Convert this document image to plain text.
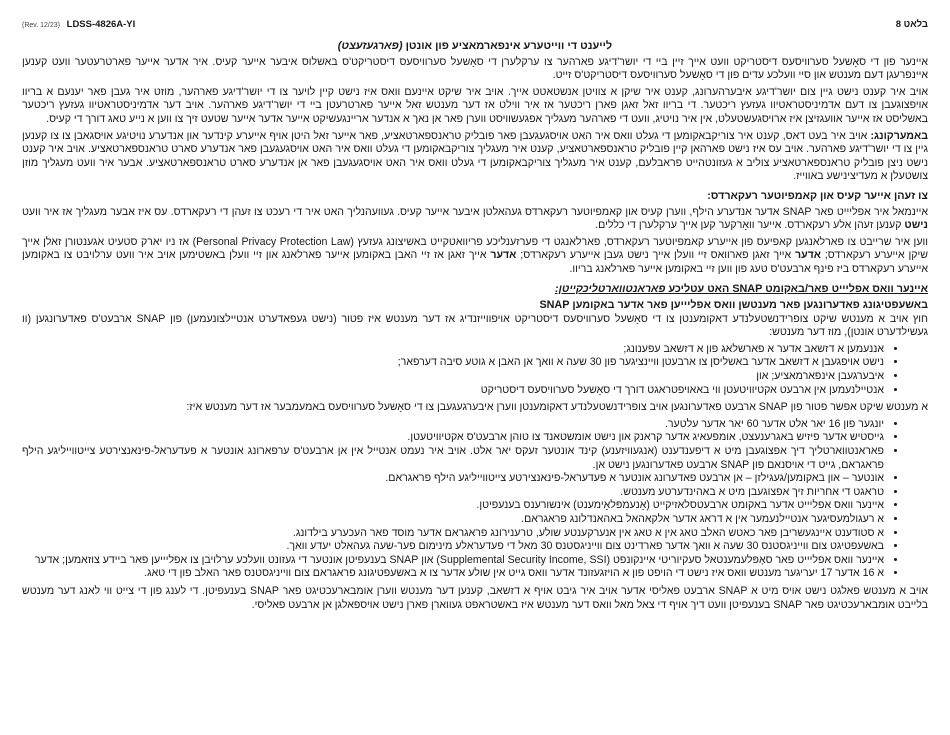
(Rev. 12/23) LDSS-4826A-YI	בלאט 8
לייענט די ווייטערע אינפארמאציע פון אונטן (פארגעזעצט)

איינער פון די סאָשעל סערוויסעס דיסטריקט וועט אייך זיין ביי די יושר'דיגע פארהער צו ערקלערן די סאָשעל סערוויסעס דיסטריקט'ס באשלוס איבער אייער קעיס. איר אדער אייער פארטרעטער וועט קענען איינפרעגן דעם מענטש און סיי וועלכע עדים פון די סאָשעל סערוויסעס דיסטריקט'ס זייט.

אויב איר קענט נישט גיין צום יושר'דיגע איבערהערונג, קענט איר שיקן א צוויטן אנשטאטט אייך. אויב איר שיקט איינעם וואס איז נישט קיין לויער צו די יושר'דיגע פארהער, מוזט איר געבן פאר יענעם א בריוו אויפצוגעבן צו דעם אדמיניסטראטיוו געזעץ ריכטער. די בריוו זאל זאגן פארן ריכטער אז איר ווילט אז דער מענטש זאל אייער פארטרעטן ביי די יושר'דיגע פארהער. אויב דער אדמיניסטראטיוו געזעץ ריכטער באשליסט אז אייער אוועגזיצן איז ארויסגעשטעלט, אין איר נויטיג, וועט די פארהער מעגליך אפגעשוויסט ווערן פאר אן נאך א אנדער אריינגעשיקט אייער אדער אייער שטעט זיך צו ווען א נייע טאג דורך די קעיס.

באמערקונג: אויב איר בעט דאס, קענט איר צוריקבאקומען די געלט וואס איר האט אויסגעגעבן פאר פובליק טראנספארטאציע, פאר אייער זאל היטן אויף אייערע קינדער און אנדערע נויטיגע אויסגאבן צו צו קענען גיין צו די יושר'דיגע פארהער. אויב עס איז נישט פארהאן קיין פובליק טראנספארטאציע, קענט איר מעגליך צוריקבאקומען די געלט וואס איר האט אויסגעגעבן פאר אנדערע סארט טראנספארטאציע. אויב איר קענט נישט ניצן פובליק טראנספארטאציע צוליב א געזונטהייט פראבלעם, קענט איר מעגליך צוריקבאקומען די געלט וואס איר האט אויסגעגעבן פאר אן אנדערע סארט טראנספארטאציע. אבער איר וועט מעגליך מוזן צושטעלן א מעדיצינישע באווייז.

צו זעהן אייער קעיס און קאמפיוטער רעקארדס:

איינמאל איר אפליייט פאר SNAP אדער אנדערע הילף, ווערן קעיס און קאמפיוטער רעקארדס געהאלטן איבער אייער קעיס. געוועהנליך האט איר די רעכט צו זעהן די רעקארדס. עס איז אבער מעגליך אז איר וועט נישט קענען זעהן אלע רעקארדס. אייער וואָרקער קען אייך ערקלערן די כללים.

ווען איר שרייבט צו פארלאנגען קאפיעס פון אייערע קאמפיוטער רעקארדס, פארלאנגט די פערזענליכע פריוואטקייט באשיצונג געזעץ (Personal Privacy Protection Law) אז ניו יארק סטעיט אגענטורן זאלן אייך שיקן אייערע רעקארדס; אדער אייך זאגן פארוואס זיי וועלן אייך נישט געבן אייערע רעקארדס; אדער אייך זאגן אז זיי האבן באקומען אייער פארלאנג און זיי וועלן באשטימען אויב איר וועט ערלויבט צו באקומען אייערע רעקארדס ביז פינף ארבעט'ס טעג פון ווען זיי באקומען אייער פארלאנג בריוו.

איינער וואס אפליייט פאר/באקומט SNAP האט עטליכע פאראנטווארטליכקייטן:
באשעפטיגונג פאדערונגען פאר מענטשן וואס אפליייען פאר אדער באקומען SNAP

חוץ אויב א מענטש שיקט צופרידנשטעלנדע דאקומענטן צו די סאָשעל סערוויסעס דיסטריקט אויפווייזנדיג אז דער מענטש איז פטור (נישט געפאדערט אנטיילצונעמען) פון SNAP ארבעט'ס פאדערונגען (וו געשילדערט אונטן), מוז דער מענטש:

• אננעמען א דזשאב אדער א פארשלאג פון א דזשאב עפענונג;
• נישט אויפגעבן א דזשאב אדער באשליסן צו ארבעטן וויינציגער פון 30 שעה א וואך אן האבן א גוטע סיבה דערפאר;
• איבערגעבן אינפארמאציע; און
• אנטיילנעמען אין ארבעט אקטיוויטעטן ווי באאויפטראגט דורך די סאָשעל סערוויסעס דיסטריקט

א מענטש שיקט אפשר פטור פון SNAP ארבעט פאדערונגען אויב צופרידנשטעלנדע דאקומענטן ווערן איבערגעגעבן צו די סאָשעל סערוויסעס באמעמבער אז דער מענטש איז:

• יונגער פון 16 יאר אלט אדער 60 יאר אדער עלטער.
• גייסטיש אדער פיזיש באגרענעצט, אומפעאיג אדער קראנק און נישט אומשטאנד צו טוהן ארבעט'ס אקטיוויטעטן.
• פאראנטווארטליך דיך אפצוגעבן מיט א דיפענדענט (אנגעוויזענע) קינד אונטער זעקס יאר אלט. אויב איר נעמט אנטייל אין אן ארבעט'ס ערפארונג אונטער א פעדעראל-פינאנצירטע צייטווייליגע הילף פראגראם, גייט די אויסנאם פון SNAP ארבעט פאדערונגען נישט אן.
• אונטער – און באקומען/געגילזן – אן ארבעט פאדערונג אונטער א פעדעראל-פינאנצירטע צייטווייליגע הילף פראגראם.
• טראגט די אחריות זיך אפצוגעבן מיט א באהינדערטע מענטש.
• איינער וואס אפליייט אדער באקומט ארבעטסלאזיקייט (אָנעמפּלאָימענט) אינשורענס בענעפיטן.
• א רעגולמעסיגער אנטיילנעמער אין א דראג אדער אלקאהאל באהאנדלונג פראגראם.
• א סטודענט איינגעשריבן פאר כאטש האלב טאג אין א טאג אין אנערקענטע שולע, טרענירונג פראגראם אדער מוסד פאר העכערע בילדונג.
• באשעפטיגט צום ווייניגסטנס 30 שעה א וואך אדער פארדינט צום ווייניגסטנס 30 מאל די פעדעראלע מינימום פער-שעה געהאלט יעדע וואך.
• איינער וואס אפליייט פאר סאָפּלעמענטאל סעקיוריטי איינקונפט (Supplemental Security Income, SSI) און SNAP בענעפיטן אונטער די געזונט וועלכע ערלויבן צו אפליייען פאר ביידע צוזאמען; אדער
• א 16 אדער 17 יעריגער מענטש וואס איז נישט די הויפט פון א הויזגעזונד אדער וואס גייט אין שולע אדער צו א באשעפטיגונג פראגראם צום ווייניגסטנס פאר האלב פון די טאג.

אויב א מענטש פאלגט נישט אויס מיט א SNAP ארבעט פאליסי אדער אויב איר גיבט אויף א דזשאב, קענען דער מענטש ווערן אומבארעכטיגט פאר SNAP בענעפיטן. די לענג פון די צייט ווי לאנג דער מענטש בלייבט אומבארעכטיגט פאר SNAP בענעפיטן וועט דיך אויף די צאל מאל וואס דער מענטש איז באשטראפט געווארן פארן נישט אויספאלגן אן ארבעט פאליסי.
